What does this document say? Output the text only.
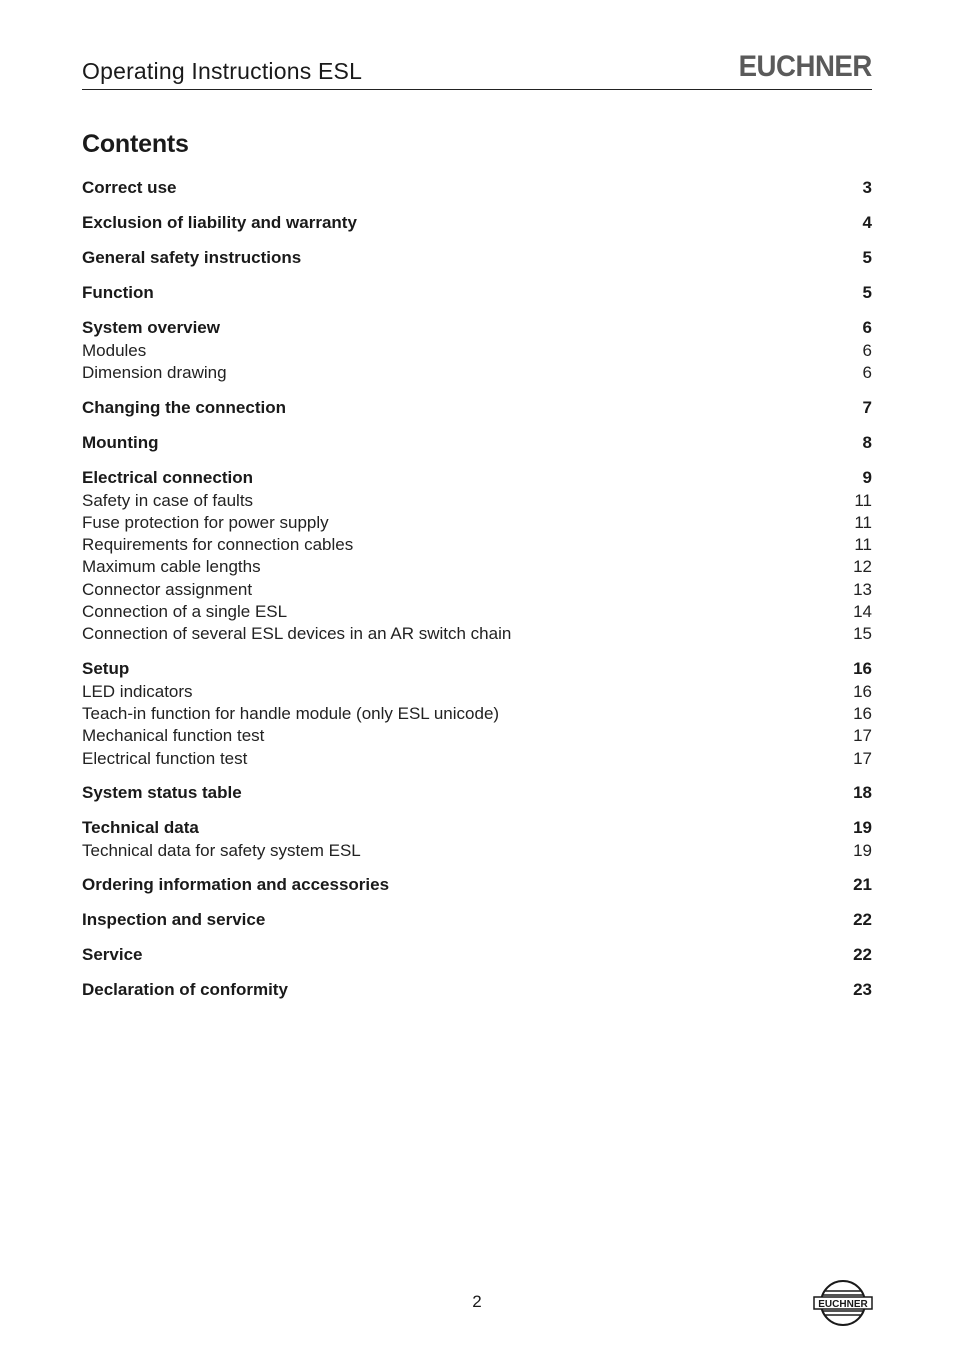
Operating Instructions ESL	EUCHNER
Contents
Correct use	3
Exclusion of liability and warranty	4
General safety instructions	5
Function	5
System overview	6
Modules	6
Dimension drawing	6
Changing the connection	7
Mounting	8
Electrical connection	9
Safety in case of faults	11
Fuse protection for power supply	11
Requirements for connection cables	11
Maximum cable lengths	12
Connector assignment	13
Connection of a single ESL	14
Connection of several ESL devices in an AR switch chain	15
Setup	16
LED indicators	16
Teach-in function for handle module (only ESL unicode)	16
Mechanical function test	17
Electrical function test	17
System status table	18
Technical data	19
Technical data for safety system ESL	19
Ordering information and accessories	21
Inspection and service	22
Service	22
Declaration of conformity	23
2	EUCHNER
